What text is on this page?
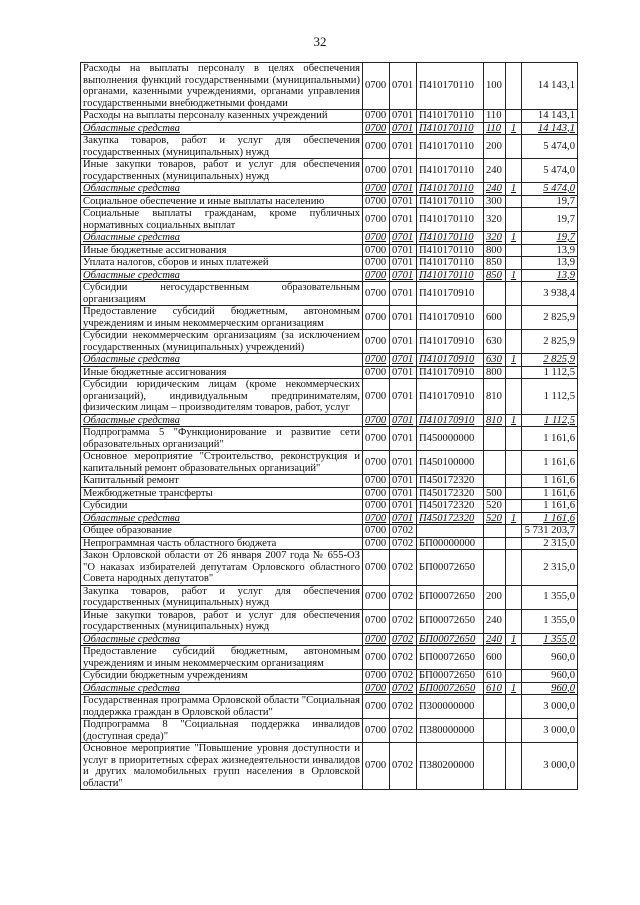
32
Расходы на выплаты персоналу в целях обеспечения выполнения функций государственными (муниципальными) органами, казенными учреждениями, органами управления государственными внебюджетными фондами	0700	0701	П410170110	100		14 143,1
Расходы на выплаты персоналу казенных учреждений	0700	0701	П410170110	110		14 143,1
Областные средства	0700	0701	П410170110	110	1	14 143,1
Закупка товаров, работ и услуг для обеспечения государственных (муниципальных) нужд	0700	0701	П410170110	200		5 474,0
Иные закупки товаров, работ и услуг для обеспечения государственных (муниципальных) нужд	0700	0701	П410170110	240		5 474,0
Областные средства	0700	0701	П410170110	240	1	5 474,0
Социальное обеспечение и иные выплаты населению	0700	0701	П410170110	300		19,7
Социальные выплаты гражданам, кроме публичных нормативных социальных выплат	0700	0701	П410170110	320		19,7
Областные средства	0700	0701	П410170110	320	1	19,7
Иные бюджетные ассигнования	0700	0701	П410170110	800		13,9
Уплата налогов, сборов и иных платежей	0700	0701	П410170110	850		13,9
Областные средства	0700	0701	П410170110	850	1	13,9
Субсидии негосударственным образовательным организациям	0700	0701	П410170910			3 938,4
Предоставление субсидий бюджетным, автономным учреждениям и иным некоммерческим организациям	0700	0701	П410170910	600		2 825,9
Субсидии некоммерческим организациям (за исключением государственных (муниципальных) учреждений)	0700	0701	П410170910	630		2 825,9
Областные средства	0700	0701	П410170910	630	1	2 825,9
Иные бюджетные ассигнования	0700	0701	П410170910	800		1 112,5
Субсидии юридическим лицам (кроме некоммерческих организаций), индивидуальным предпринимателям, физическим лицам – производителям товаров, работ, услуг	0700	0701	П410170910	810		1 112,5
Областные средства	0700	0701	П410170910	810	1	1 112,5
Подпрограмма 5 "Функционирование и развитие сети образовательных организаций"	0700	0701	П450000000			1 161,6
Основное мероприятие "Строительство, реконструкция и капитальный ремонт образовательных организаций"	0700	0701	П450100000			1 161,6
Капитальный ремонт	0700	0701	П450172320			1 161,6
Межбюджетные трансферты	0700	0701	П450172320	500		1 161,6
Субсидии	0700	0701	П450172320	520		1 161,6
Областные средства	0700	0701	П450172320	520	1	1 161,6
Общее образование	0700	0702				5 731 203,7
Непрограммная часть областного бюджета	0700	0702	БП00000000			2 315,0
Закон Орловской области от 26 января 2007 года № 655-ОЗ "О наказах избирателей депутатам Орловского областного Совета народных депутатов"	0700	0702	БП00072650			2 315,0
Закупка товаров, работ и услуг для обеспечения государственных (муниципальных) нужд	0700	0702	БП00072650	200		1 355,0
Иные закупки товаров, работ и услуг для обеспечения государственных (муниципальных) нужд	0700	0702	БП00072650	240		1 355,0
Областные средства	0700	0702	БП00072650	240	1	1 355,0
Предоставление субсидий бюджетным, автономным учреждениям и иным некоммерческим организациям	0700	0702	БП00072650	600		960,0
Субсидии бюджетным учреждениям	0700	0702	БП00072650	610		960,0
Областные средства	0700	0702	БП00072650	610	1	960,0
Государственная программа Орловской области "Социальная поддержка граждан в Орловской области"	0700	0702	П300000000			3 000,0
Подпрограмма 8 "Социальная поддержка инвалидов (доступная среда)"	0700	0702	П380000000			3 000,0
Основное мероприятие "Повышение уровня доступности и услуг в приоритетных сферах жизнедеятельности инвалидов и других маломобильных групп населения в Орловской области"	0700	0702	П380200000			3 000,0
